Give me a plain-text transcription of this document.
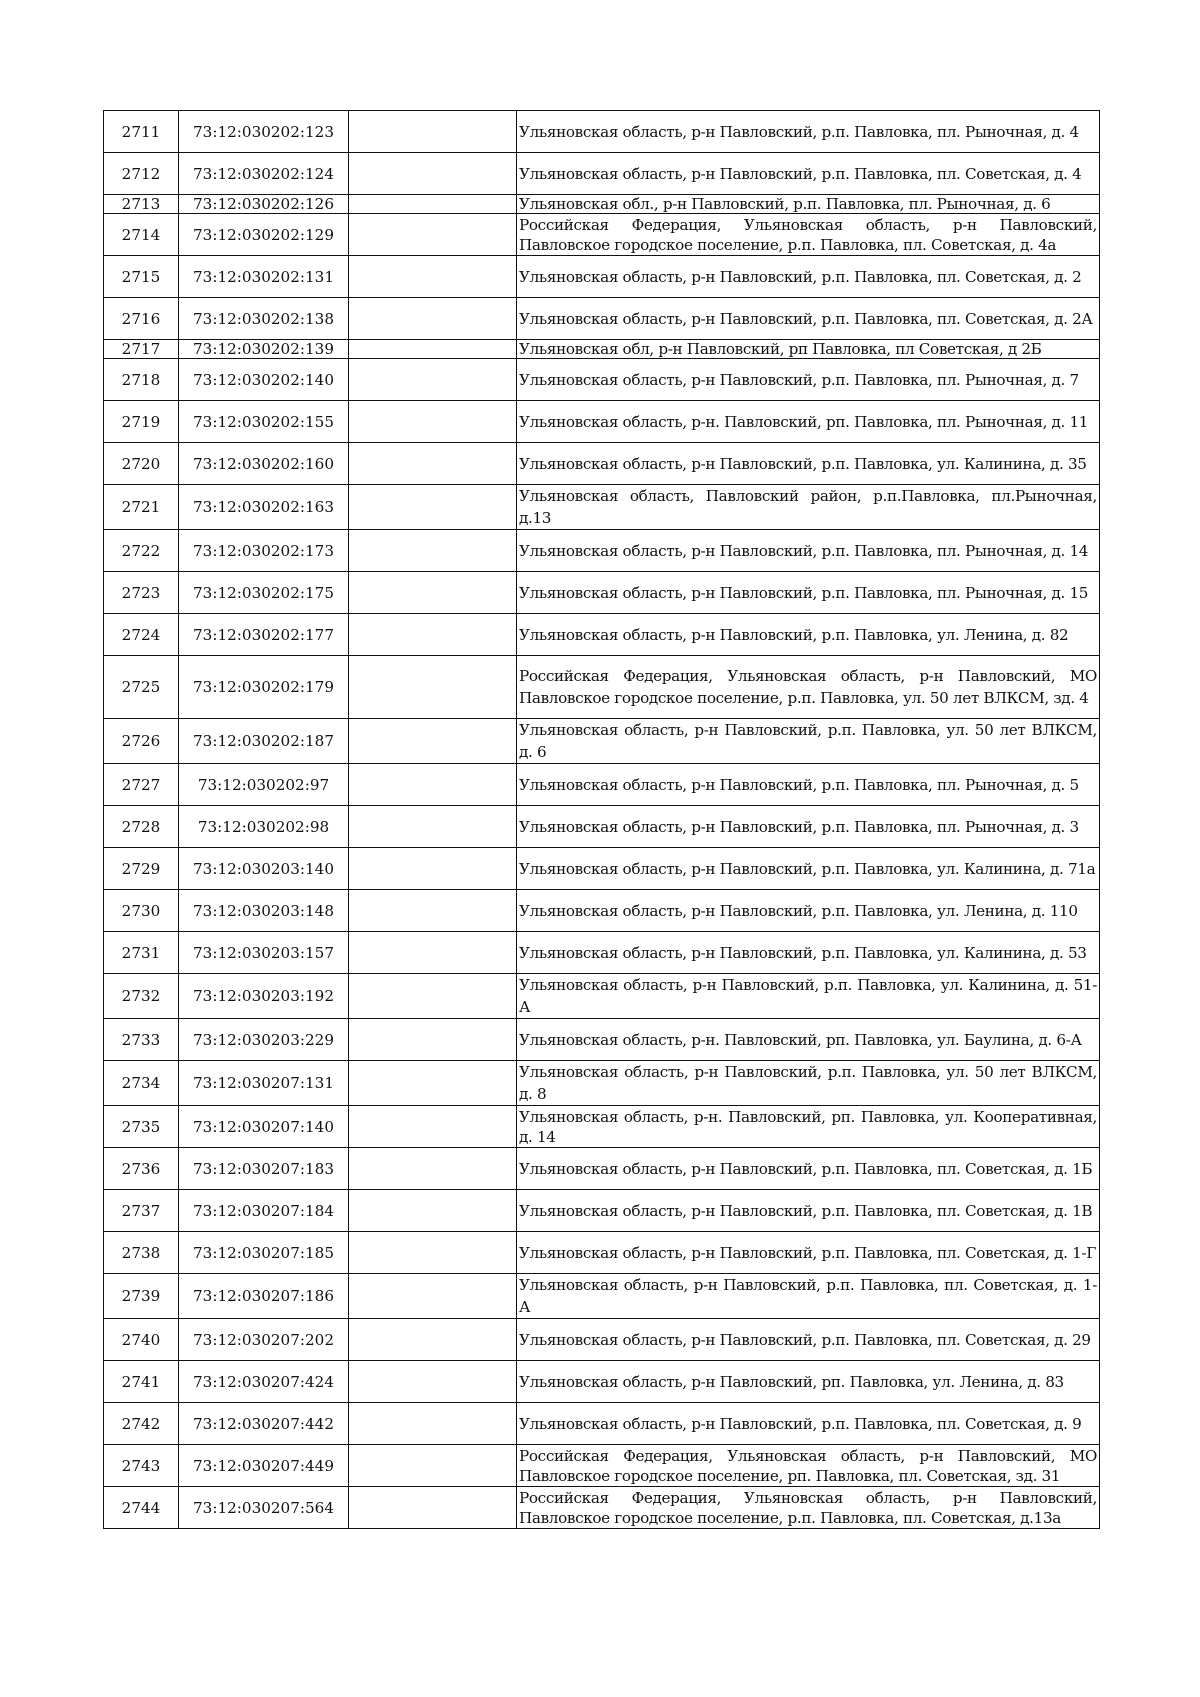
2711	73:12:030202:123		Ульяновская область, р-н Павловский, р.п. Павловка, пл. Рыночная, д. 4
2712	73:12:030202:124		Ульяновская область, р-н Павловский, р.п. Павловка, пл. Советская, д. 4
2713	73:12:030202:126		Ульяновская обл., р-н Павловский, р.п. Павловка, пл. Рыночная, д. 6
2714	73:12:030202:129		Российская Федерация, Ульяновская область, р-н Павловский, Павловское городское поселение, р.п. Павловка, пл. Советская, д. 4а
2715	73:12:030202:131		Ульяновская область, р-н Павловский, р.п. Павловка, пл. Советская, д. 2
2716	73:12:030202:138		Ульяновская область, р-н Павловский, р.п. Павловка, пл. Советская, д. 2А
2717	73:12:030202:139		Ульяновская обл, р-н Павловский, рп Павловка, пл Советская, д 2Б
2718	73:12:030202:140		Ульяновская область, р-н Павловский, р.п. Павловка, пл. Рыночная, д. 7
2719	73:12:030202:155		Ульяновская область, р-н. Павловский, рп. Павловка, пл. Рыночная, д. 11
2720	73:12:030202:160		Ульяновская область, р-н Павловский, р.п. Павловка, ул. Калинина, д. 35
2721	73:12:030202:163		Ульяновская область, Павловский район, р.п.Павловка, пл.Рыночная, д.13
2722	73:12:030202:173		Ульяновская область, р-н Павловский, р.п. Павловка, пл. Рыночная, д. 14
2723	73:12:030202:175		Ульяновская область, р-н Павловский, р.п. Павловка, пл. Рыночная, д. 15
2724	73:12:030202:177		Ульяновская область, р-н Павловский, р.п. Павловка, ул. Ленина, д. 82
2725	73:12:030202:179		Российская Федерация, Ульяновская область, р-н Павловский, МО Павловское городское поселение, р.п. Павловка, ул. 50 лет ВЛКСМ, зд. 4
2726	73:12:030202:187		Ульяновская область, р-н Павловский, р.п. Павловка, ул. 50 лет ВЛКСМ, д. 6
2727	73:12:030202:97		Ульяновская область, р-н Павловский, р.п. Павловка, пл. Рыночная, д. 5
2728	73:12:030202:98		Ульяновская область, р-н Павловский, р.п. Павловка, пл. Рыночная, д. 3
2729	73:12:030203:140		Ульяновская область, р-н Павловский, р.п. Павловка, ул. Калинина, д. 71а
2730	73:12:030203:148		Ульяновская область, р-н Павловский, р.п. Павловка, ул. Ленина, д. 110
2731	73:12:030203:157		Ульяновская область, р-н Павловский, р.п. Павловка, ул. Калинина, д. 53
2732	73:12:030203:192		Ульяновская область, р-н Павловский, р.п. Павловка, ул. Калинина, д. 51-А
2733	73:12:030203:229		Ульяновская область, р-н. Павловский, рп. Павловка, ул. Баулина, д. 6-А
2734	73:12:030207:131		Ульяновская область, р-н Павловский, р.п. Павловка, ул. 50 лет ВЛКСМ, д. 8
2735	73:12:030207:140		Ульяновская область, р-н. Павловский, рп. Павловка, ул. Кооперативная, д. 14
2736	73:12:030207:183		Ульяновская область, р-н Павловский, р.п. Павловка, пл. Советская, д. 1Б
2737	73:12:030207:184		Ульяновская область, р-н Павловский, р.п. Павловка, пл. Советская, д. 1В
2738	73:12:030207:185		Ульяновская область, р-н Павловский, р.п. Павловка, пл. Советская, д. 1-Г
2739	73:12:030207:186		Ульяновская область, р-н Павловский, р.п. Павловка, пл. Советская, д. 1-А
2740	73:12:030207:202		Ульяновская область, р-н Павловский, р.п. Павловка, пл. Советская, д. 29
2741	73:12:030207:424		Ульяновская область, р-н Павловский, рп. Павловка, ул. Ленина, д. 83
2742	73:12:030207:442		Ульяновская область, р-н Павловский, р.п. Павловка, пл. Советская, д. 9
2743	73:12:030207:449		Российская Федерация, Ульяновская область, р-н Павловский, МО Павловское городское поселение, рп. Павловка, пл. Советская, зд. 31
2744	73:12:030207:564		Российская Федерация, Ульяновская область, р-н Павловский, Павловское городское поселение, р.п. Павловка, пл. Советская, д.13а
